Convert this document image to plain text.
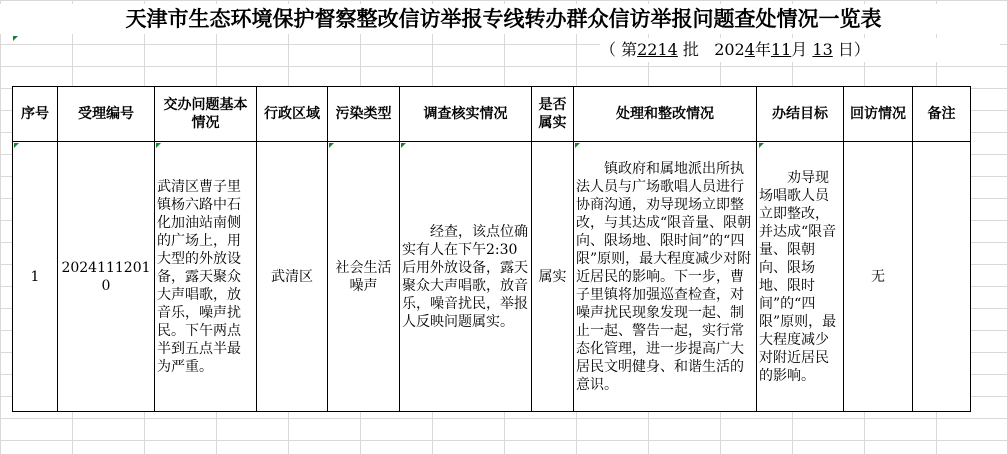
天津市生态环境保护督察整改信访举报专线转办群众信访举报问题查处情况一览表
（ 第2214 批 2024年11月 13 日）
序号	受理编号	交办问题基本情况	行政区域	污染类型	调查核实情况	是否属实	处理和整改情况	办结目标	回访情况	备注
1	20241112010	武清区曹子里镇杨六路中石化加油站南侧的广场上，用大型的外放设备，露天聚众大声唱歌，放音乐，噪声扰民。下午两点半到五点半最为严重。	武清区	社会生活噪声	经查，该点位确实有人在下午2:30后用外放设备，露天聚众大声唱歌，放音乐，噪音扰民，举报人反映问题属实。	属实	镇政府和属地派出所执法人员与广场歌唱人员进行协商沟通，劝导现场立即整改，与其达成“限音量、限朝向、限场地、限时间”的“四限”原则，最大程度减少对附近居民的影响。下一步，曹子里镇将加强巡查检查，对噪声扰民现象发现一起、制止一起、警告一起，实行常态化管理，进一步提高广大居民文明健身、和谐生活的意识。	劝导现场唱歌人员立即整改，并达成“限音量、限朝向、限场地、限时间”的“四限”原则，最大程度减少对附近居民的影响。	无	
